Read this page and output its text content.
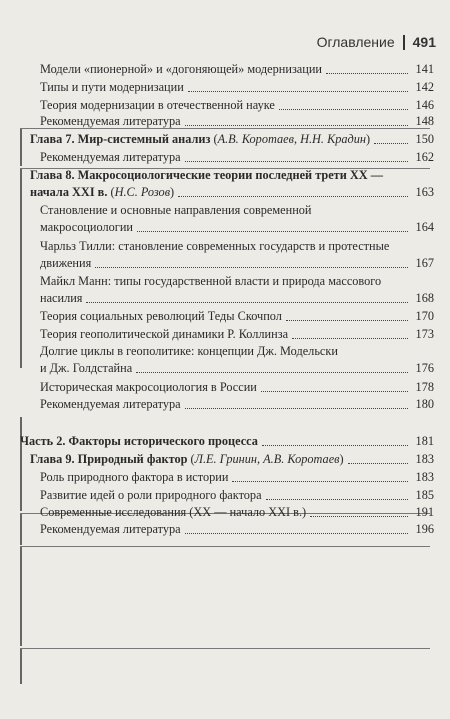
Оглавление 491
Модели «пионерной» и «догоняющей» модернизации	141
Типы и пути модернизации	142
Теория модернизации в отечественной науке	146
Рекомендуемая литература	148
Глава 7. Мир-системный анализ (А.В. Коротаев, Н.Н. Крадин)	150
Рекомендуемая литература	162
Глава 8. Макросоциологические теории последней трети XX —
начала XXI в. (Н.С. Розов)	163
Становление и основные направления современной
макросоциологии	164
Чарльз Тилли: становление современных государств и протестные
движения	167
Майкл Манн: типы государственной власти и природа массового
насилия	168
Теория социальных революций Теды Скочпол	170
Теория геополитической динамики Р. Коллинза	173
Долгие циклы в геополитике: концепции Дж. Модельски
и Дж. Голдстайна	176
Историческая макросоциология в России	178
Рекомендуемая литература	180
Часть 2. Факторы исторического процесса	181
Глава 9. Природный фактор (Л.Е. Гринин, А.В. Коротаев)	183
Роль природного фактора в истории	183
Развитие идей о роли природного фактора	185
Современные исследования (XX — начало XXI в.)	191
Рекомендуемая литература	196
